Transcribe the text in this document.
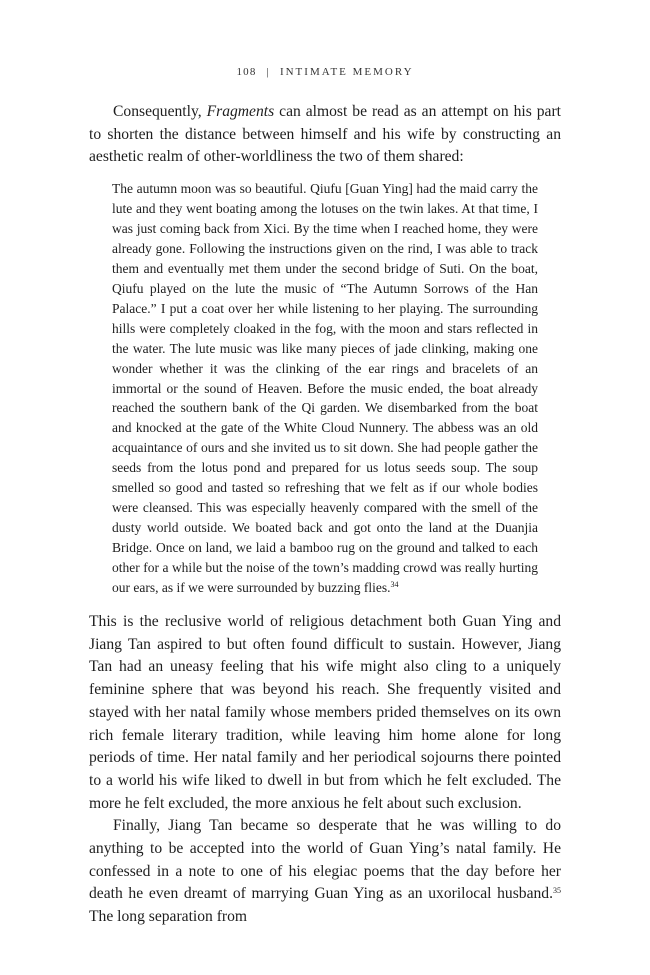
108 | INTIMATE MEMORY

Consequently, Fragments can almost be read as an attempt on his part to shorten the distance between himself and his wife by constructing an aesthetic realm of other-worldliness the two of them shared:

The autumn moon was so beautiful. Qiufu [Guan Ying] had the maid carry the lute and they went boating among the lotuses on the twin lakes. At that time, I was just coming back from Xici. By the time when I reached home, they were already gone. Following the instructions given on the rind, I was able to track them and eventually met them under the second bridge of Suti. On the boat, Qiufu played on the lute the music of “The Autumn Sorrows of the Han Palace.” I put a coat over her while listening to her playing. The surrounding hills were completely cloaked in the fog, with the moon and stars reflected in the water. The lute music was like many pieces of jade clinking, making one wonder whether it was the clinking of the ear rings and bracelets of an immortal or the sound of Heaven. Before the music ended, the boat already reached the southern bank of the Qi garden. We disembarked from the boat and knocked at the gate of the White Cloud Nunnery. The abbess was an old acquaintance of ours and she invited us to sit down. She had people gather the seeds from the lotus pond and prepared for us lotus seeds soup. The soup smelled so good and tasted so refreshing that we felt as if our whole bodies were cleansed. This was especially heavenly compared with the smell of the dusty world outside. We boated back and got onto the land at the Duanjia Bridge. Once on land, we laid a bamboo rug on the ground and talked to each other for a while but the noise of the town’s madding crowd was really hurting our ears, as if we were surrounded by buzzing flies.$^{34}$

This is the reclusive world of religious detachment both Guan Ying and Jiang Tan aspired to but often found difficult to sustain. However, Jiang Tan had an uneasy feeling that his wife might also cling to a uniquely feminine sphere that was beyond his reach. She frequently visited and stayed with her natal family whose members prided themselves on its own rich female literary tradition, while leaving him home alone for long periods of time. Her natal family and her periodical sojourns there pointed to a world his wife liked to dwell in but from which he felt excluded. The more he felt excluded, the more anxious he felt about such exclusion.

Finally, Jiang Tan became so desperate that he was willing to do anything to be accepted into the world of Guan Ying’s natal family. He confessed in a note to one of his elegiac poems that the day before her death he even dreamt of marrying Guan Ying as an uxorilocal husband.$^{35}$ The long separation from
